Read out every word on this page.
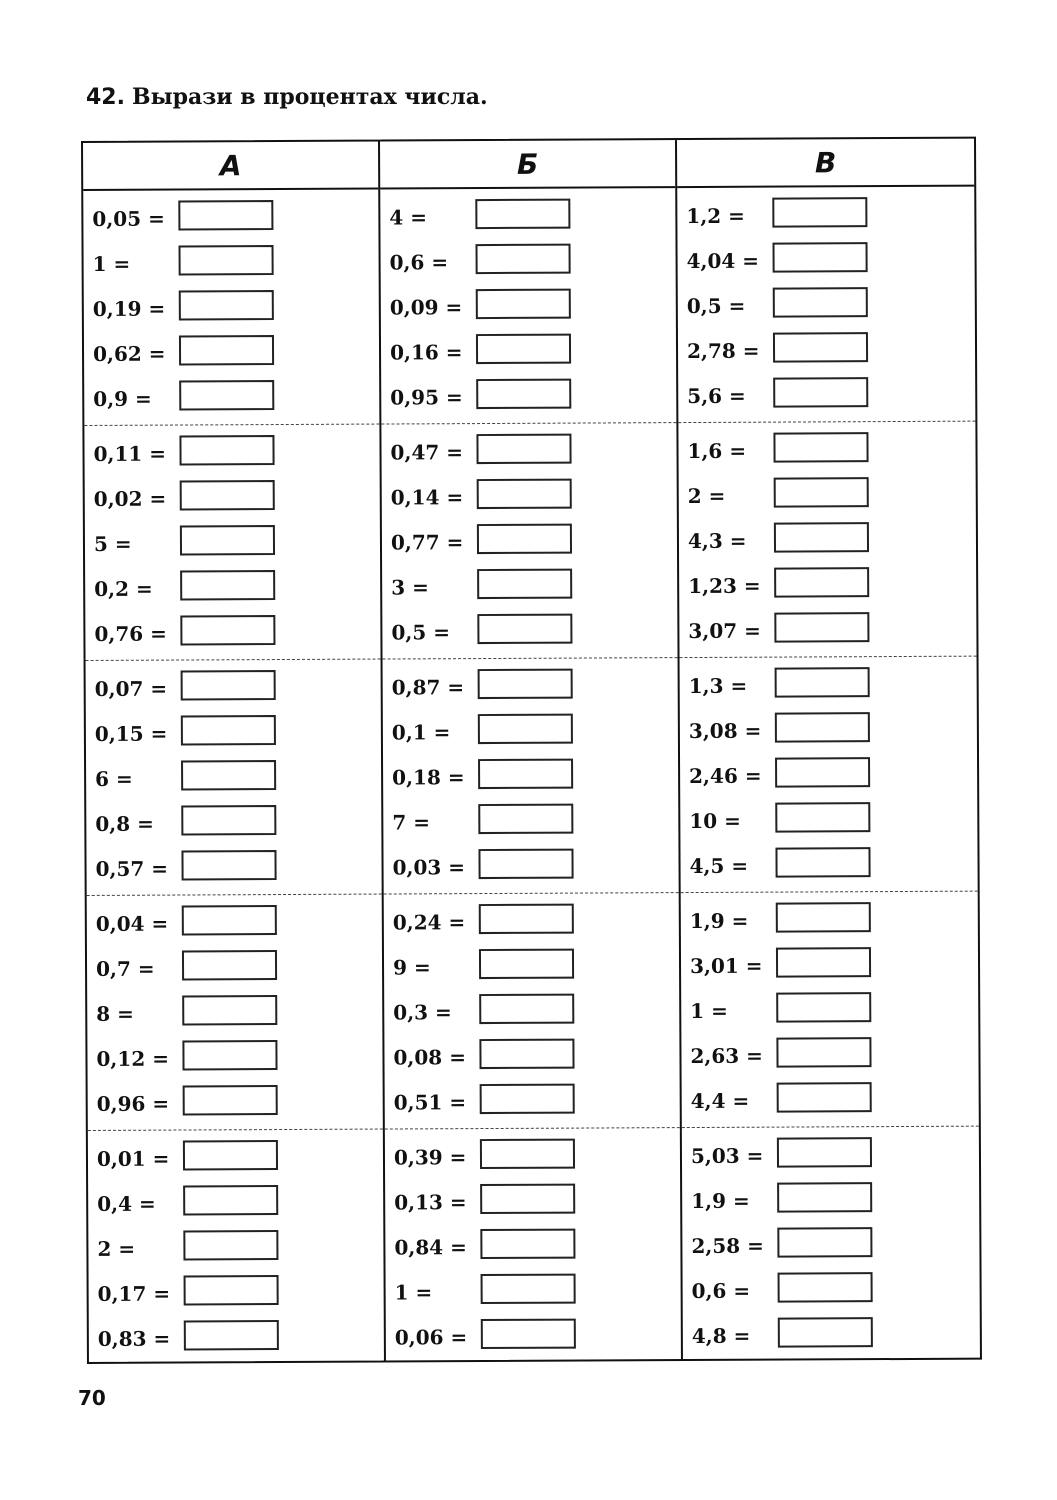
42. Вырази в процентах числа.
А
0,05 =
1 =
0,19 =
0,62 =
0,9 =
0,11 =
0,02 =
5 =
0,2 =
0,76 =
0,07 =
0,15 =
6 =
0,8 =
0,57 =
0,04 =
0,7 =
8 =
0,12 =
0,96 =
0,01 =
0,4 =
2 =
0,17 =
0,83 =
Б
4 =
0,6 =
0,09 =
0,16 =
0,95 =
0,47 =
0,14 =
0,77 =
3 =
0,5 =
0,87 =
0,1 =
0,18 =
7 =
0,03 =
0,24 =
9 =
0,3 =
0,08 =
0,51 =
0,39 =
0,13 =
0,84 =
1 =
0,06 =
В
1,2 =
4,04 =
0,5 =
2,78 =
5,6 =
1,6 =
2 =
4,3 =
1,23 =
3,07 =
1,3 =
3,08 =
2,46 =
10 =
4,5 =
1,9 =
3,01 =
1 =
2,63 =
4,4 =
5,03 =
1,9 =
2,58 =
0,6 =
4,8 =
70
